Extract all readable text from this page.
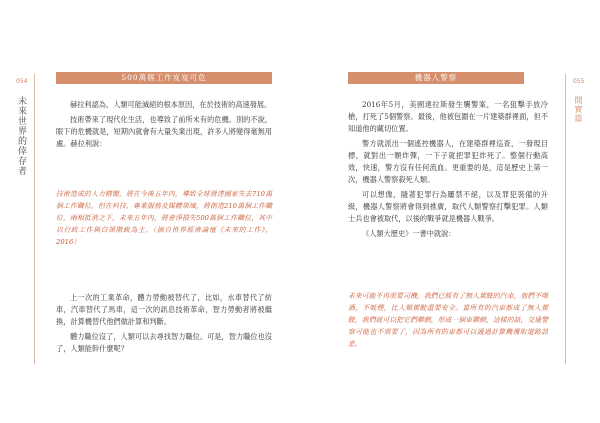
054
未來世界的倖存者
500萬個工作岌岌可危

赫拉利認為，人類可能滅絕的根本原因，在於技術的高速發展。

技術帶來了現代化生活，也導致了前所未有的危機。別的不說，眼下的危機就是，短期內就會有大量失業出現，許多人將變得毫無用處。赫拉利說：

技術造成的人力精簡，將在今後五年內，導致全球發達國家失去710萬個工作職位，但在科技、專業服務及媒體領域，將創造210萬個工作職位，兩相抵消之下，未來五年內，將會淨損失500萬個工作職位，其中以行政工作與白領階級為主。（摘自世界經濟論壇《未來的工作》，2016）

上一次的工業革命，體力勞動被替代了，比如，水車替代了紡車，汽車替代了馬車，這一次的訊息技術革命，智力勞動者將被繼換，計算機替代他們做計算和判斷。

體力職位沒了，人類可以去尋找智力職位。可是，智力職位也沒了，人類能幹什麼呢？

機器人警察	055
開實篇

2016年5月，美國達拉斯發生襲警案，一名狙擊手放冷槍，打死了5個警察。最後，他被包圍在一片建築群裡面，但不知道他的藏切位置。

警方就派出一個遙控機器人，在建築群裡巡查，一發現目標，就對出一顆炸彈，一下子就把罪犯炸死了。整個行動高效，快速，警方沒有任何流血。更重要的是，這是歷史上第一次，機器人警察殺死人類。

可以想像，隨著犯罪行為屢禁不絕，以及罪犯裝備的升級，機器人警察將會得到推廣，取代人類警察打擊犯罪。人類士兵也會被取代，以後的戰爭就是機器人戰爭。

《人類大歷史》一書中就說：

未來可能不再需要司機，我們已經有了無人駕駛的汽車，他們不喝酒，不吸煙，比人類駕駛還要安全。當所有的汽車都成了無人駕駛，我們就可以把它們聯網，形成一個車聯網，這樣的話，交通警察可能也不需要了，因為所有的車都可以通過計算機獲取道路訊息。
